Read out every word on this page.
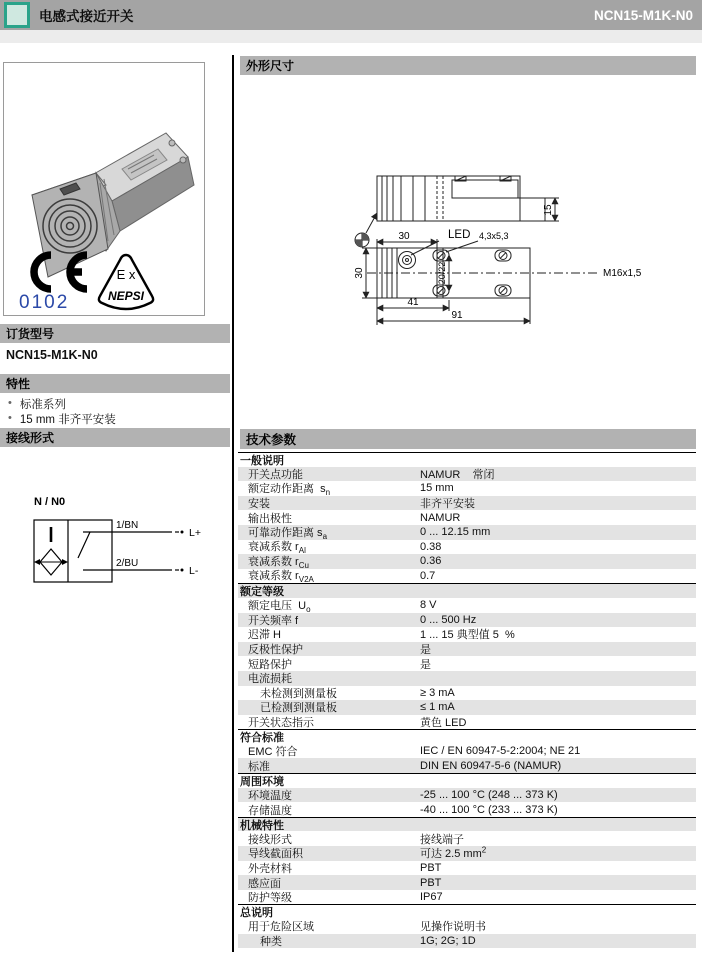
电感式接近开关	NCN15-M1K-N0
0102
E x
NEPSI
订货型号
NCN15-M1K-N0
特性
• 标准系列
• 15 mm 非齐平安装
接线形式
N / N0
1/BN
2/BU
L+
L-
外形尺寸
30	LED 4,3x5,3
15
30	20/22
41
91
M16x1,5
技术参数
一般说明
开关点功能	NAMUR    常闭
额定动作距离  $s_n$	15 mm
安装	非齐平安装
输出极性	NAMUR
可靠动作距离 $s_a$	0 ... 12.15 mm
衰减系数 $r_{Al}$	0.38
衰减系数 $r_{Cu}$	0.36
衰减系数 $r_{V2A}$	0.7
额定等级
额定电压  $U_o$	8 V
开关频率 f	0 ... 500 Hz
迟滞 H	1 ... 15 典型值 5  %
反极性保护	是
短路保护	是
电流损耗
未检测到测量板	≥ 3 mA
已检测到测量板	≤ 1 mA
开关状态指示	黄色 LED
符合标准
EMC 符合	IEC / EN 60947-5-2:2004; NE 21
标准	DIN EN 60947-5-6 (NAMUR)
周围环境
环境温度	-25 ... 100 °C (248 ... 373 K)
存储温度	-40 ... 100 °C (233 ... 373 K)
机械特性
接线形式	接线端子
导线截面积	可达 2.5 $mm^2$
外壳材料	PBT
感应面	PBT
防护等级	IP67
总说明
用于危险区域	见操作说明书
种类	1G; 2G; 1D
